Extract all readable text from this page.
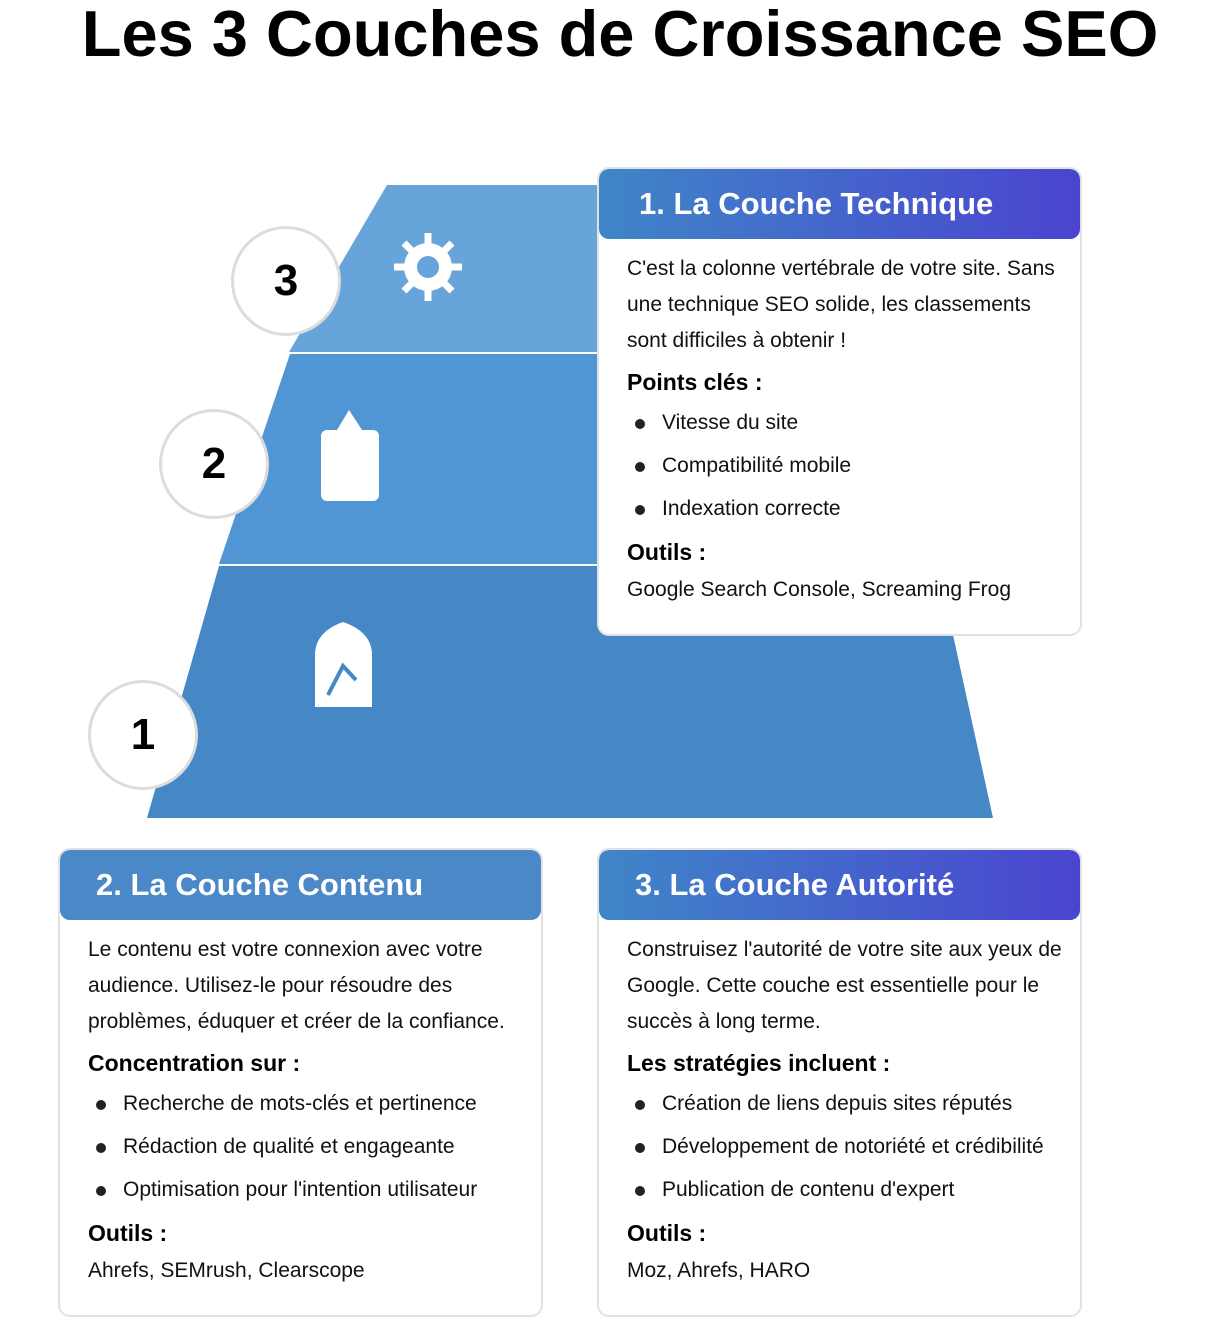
Les 3 Couches de Croissance SEO
3
2
1
1. La Couche Technique
C'est la colonne vertébrale de votre site. Sans une technique SEO solide, les classements sont difficiles à obtenir !
Points clés :
Vitesse du site
Compatibilité mobile
Indexation correcte
Outils :
Google Search Console, Screaming Frog
2. La Couche Contenu
Le contenu est votre connexion avec votre audience. Utilisez-le pour résoudre des problèmes, éduquer et créer de la confiance.
Concentration sur :
Recherche de mots-clés et pertinence
Rédaction de qualité et engageante
Optimisation pour l'intention utilisateur
Outils :
Ahrefs, SEMrush, Clearscope
3. La Couche Autorité
Construisez l'autorité de votre site aux yeux de Google. Cette couche est essentielle pour le succès à long terme.
Les stratégies incluent :
Création de liens depuis sites réputés
Développement de notoriété et crédibilité
Publication de contenu d'expert
Outils :
Moz, Ahrefs, HARO
